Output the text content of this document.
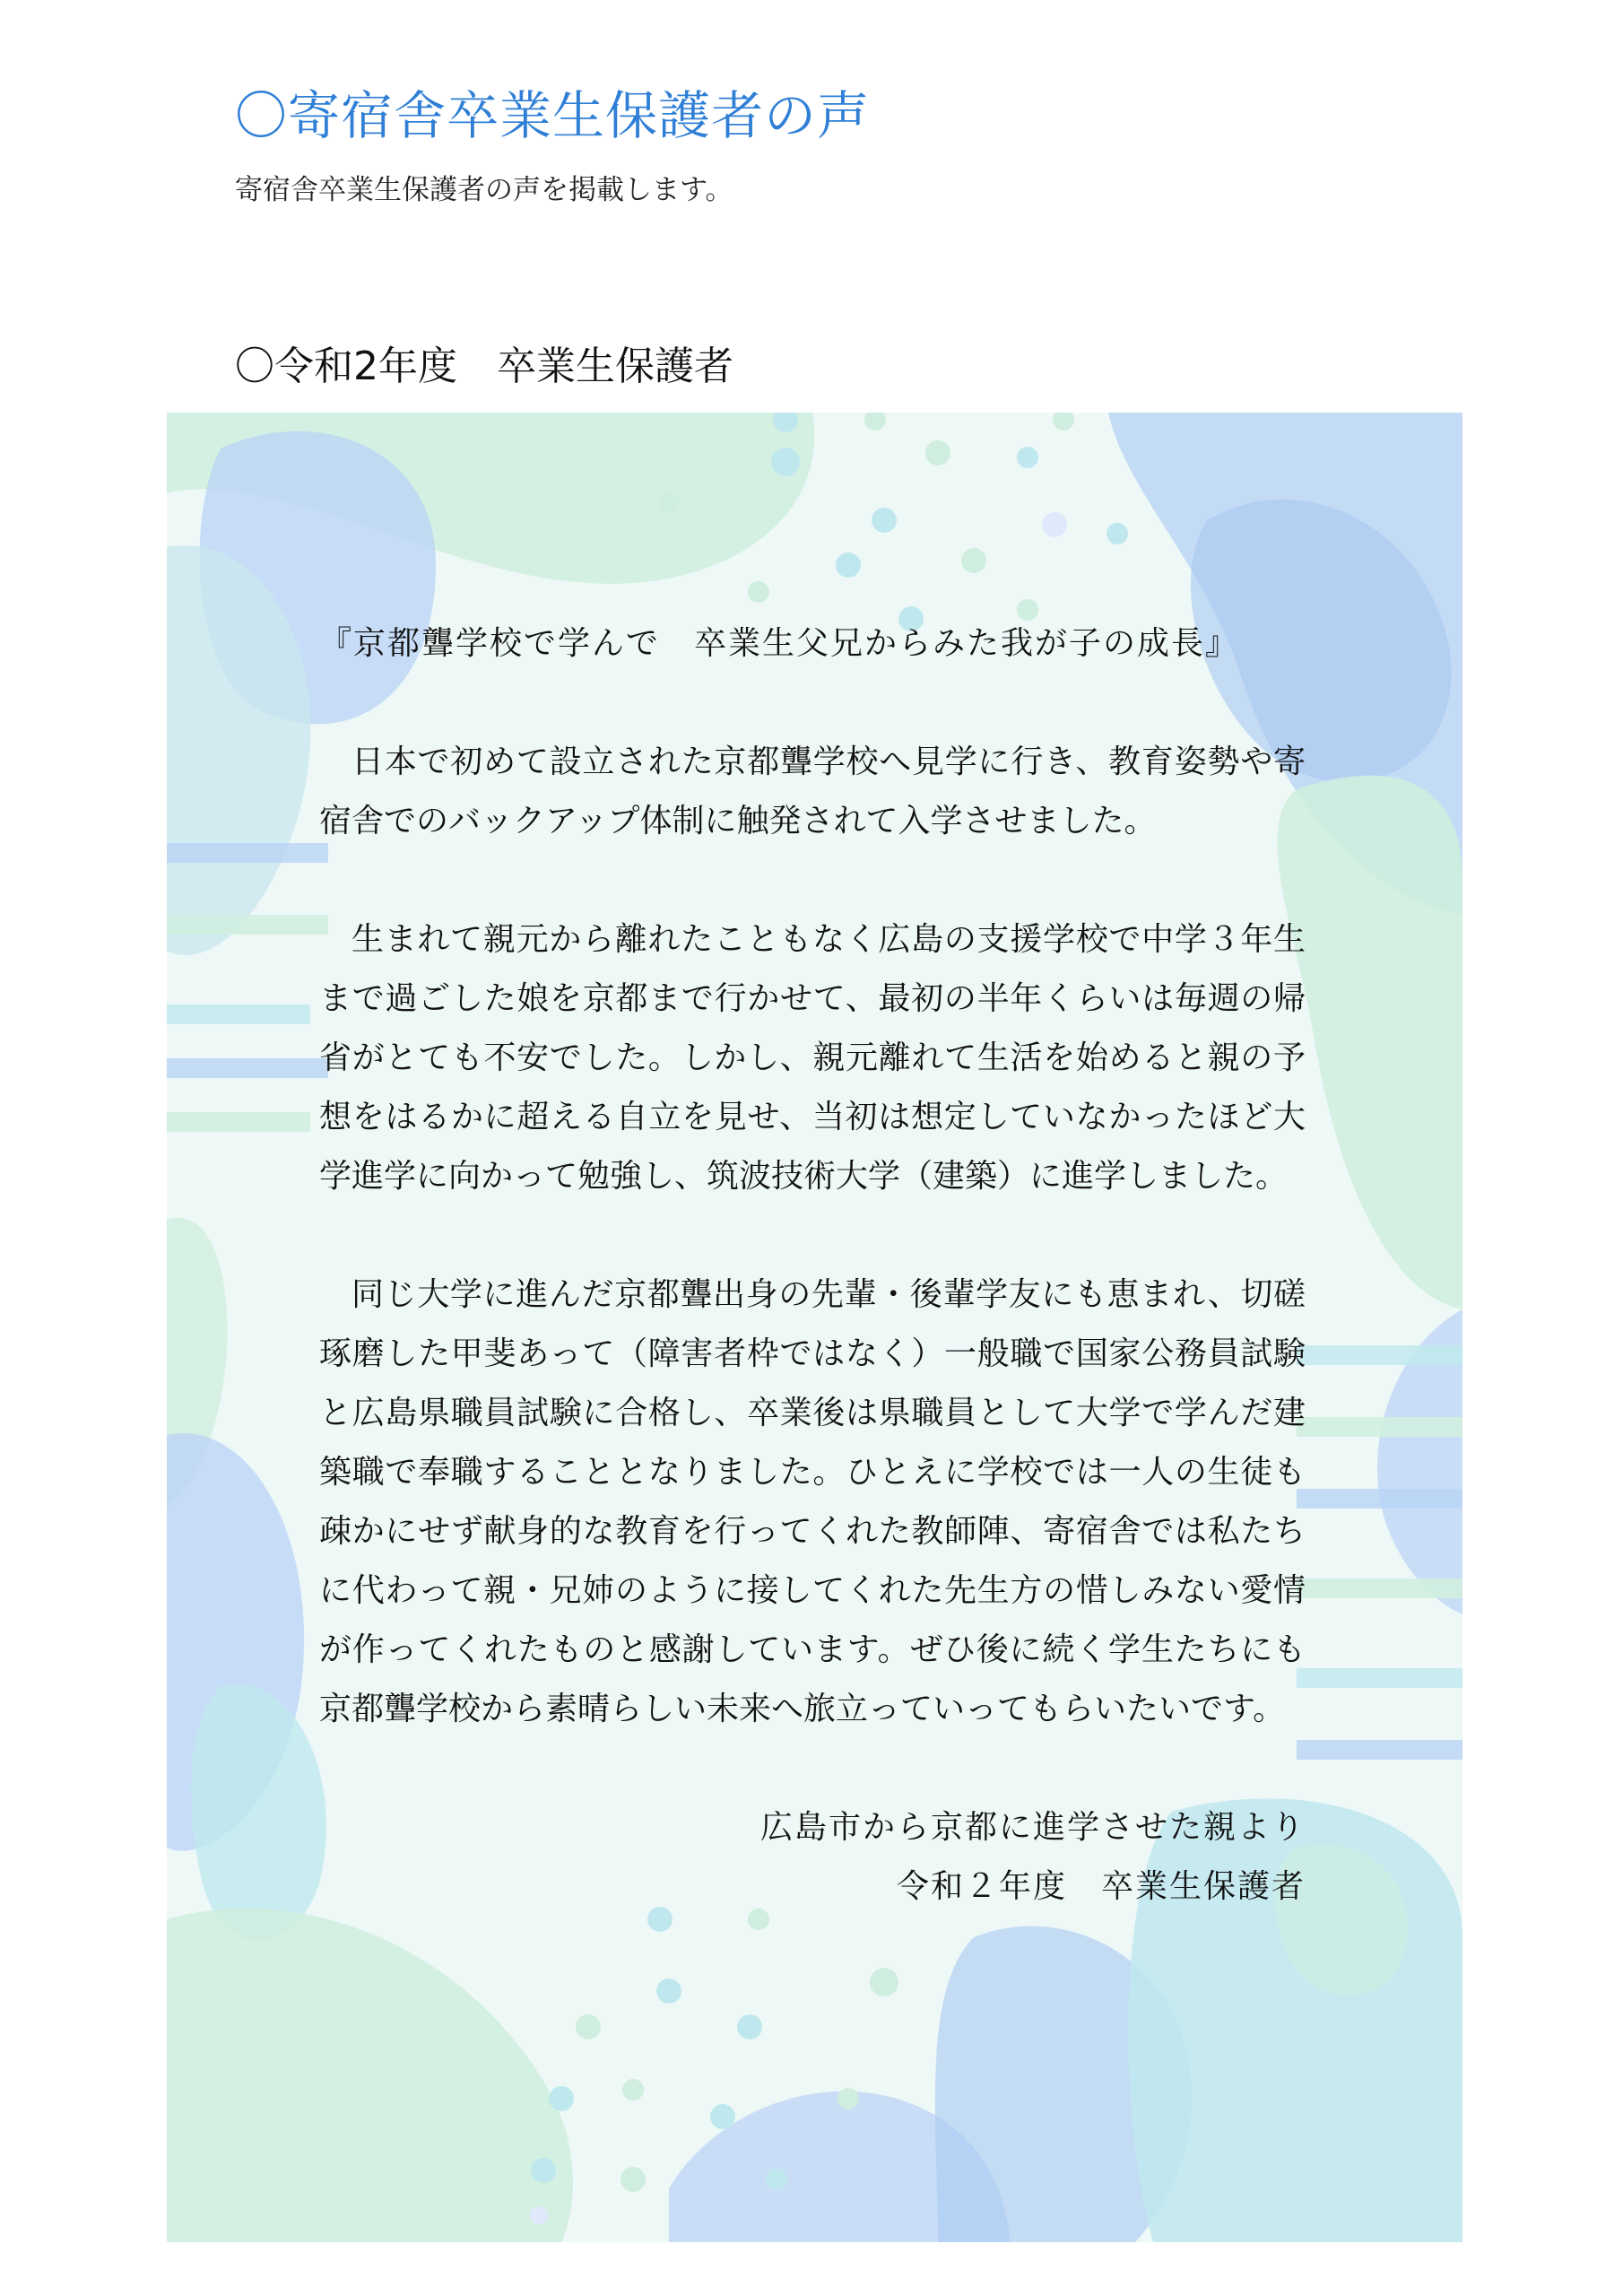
〇寄宿舎卒業生保護者の声

寄宿舎卒業生保護者の声を掲載します。

〇令和2年度　卒業生保護者

『京都聾学校で学んで　卒業生父兄からみた我が子の成長』

日本で初めて設立された京都聾学校へ見学に行き、教育姿勢や寄宿舎でのバックアップ体制に触発されて入学させました。

生まれて親元から離れたこともなく広島の支援学校で中学３年生まで過ごした娘を京都まで行かせて、最初の半年くらいは毎週の帰省がとても不安でした。しかし、親元離れて生活を始めると親の予想をはるかに超える自立を見せ、当初は想定していなかったほど大学進学に向かって勉強し、筑波技術大学（建築）に進学しました。

同じ大学に進んだ京都聾出身の先輩・後輩学友にも恵まれ、切磋琢磨した甲斐あって（障害者枠ではなく）一般職で国家公務員試験と広島県職員試験に合格し、卒業後は県職員として大学で学んだ建築職で奉職することとなりました。ひとえに学校では一人の生徒も疎かにせず献身的な教育を行ってくれた教師陣、寄宿舎では私たちに代わって親・兄姉のように接してくれた先生方の惜しみない愛情が作ってくれたものと感謝しています。ぜひ後に続く学生たちにも京都聾学校から素晴らしい未来へ旅立っていってもらいたいです。

広島市から京都に進学させた親より

令和２年度　卒業生保護者
